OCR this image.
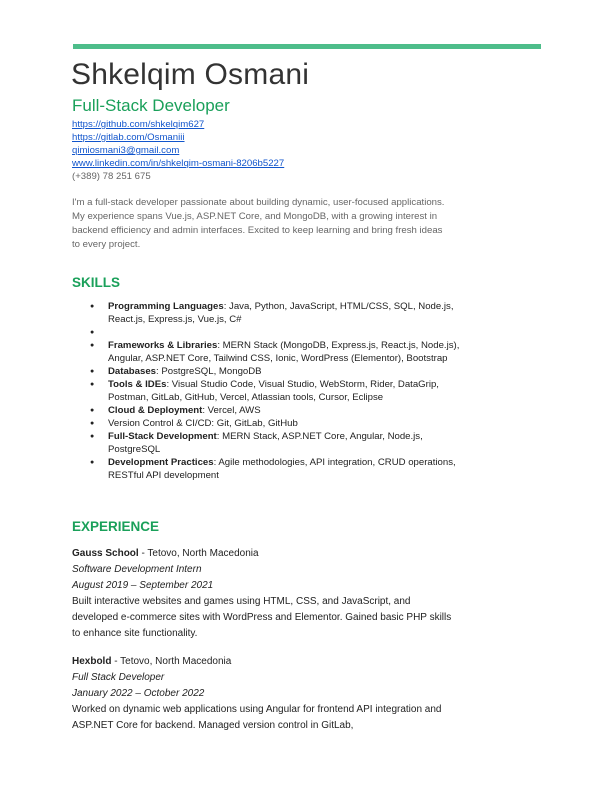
Shkelqim Osmani
Full-Stack Developer
https://github.com/shkelqim627
https://gitlab.com/Osmaniii
qimiosmani3@gmail.com
www.linkedin.com/in/shkelqim-osmani-8206b5227
(+389) 78 251 675

I'm a full-stack developer passionate about building dynamic, user-focused applications. My experience spans Vue.js, ASP.NET Core, and MongoDB, with a growing interest in backend efficiency and admin interfaces. Excited to keep learning and bring fresh ideas to every project.

SKILLS
● Programming Languages: Java, Python, JavaScript, HTML/CSS, SQL, Node.js, React.js, Express.js, Vue.js, C#
●
● Frameworks & Libraries: MERN Stack (MongoDB, Express.js, React.js, Node.js), Angular, ASP.NET Core, Tailwind CSS, Ionic, WordPress (Elementor), Bootstrap
● Databases: PostgreSQL, MongoDB
● Tools & IDEs: Visual Studio Code, Visual Studio, WebStorm, Rider, DataGrip, Postman, GitLab, GitHub, Vercel, Atlassian tools, Cursor, Eclipse
● Cloud & Deployment: Vercel, AWS
● Version Control & CI/CD: Git, GitLab, GitHub
● Full-Stack Development: MERN Stack, ASP.NET Core, Angular, Node.js, PostgreSQL
● Development Practices: Agile methodologies, API integration, CRUD operations, RESTful API development
EXPERIENCE
Gauss School - Tetovo, North Macedonia
Software Development Intern
August 2019 – September 2021
Built interactive websites and games using HTML, CSS, and JavaScript, and developed e-commerce sites with WordPress and Elementor. Gained basic PHP skills to enhance site functionality.
Hexbold - Tetovo, North Macedonia
Full Stack Developer
January 2022 – October 2022
Worked on dynamic web applications using Angular for frontend API integration and ASP.NET Core for backend. Managed version control in GitLab,
